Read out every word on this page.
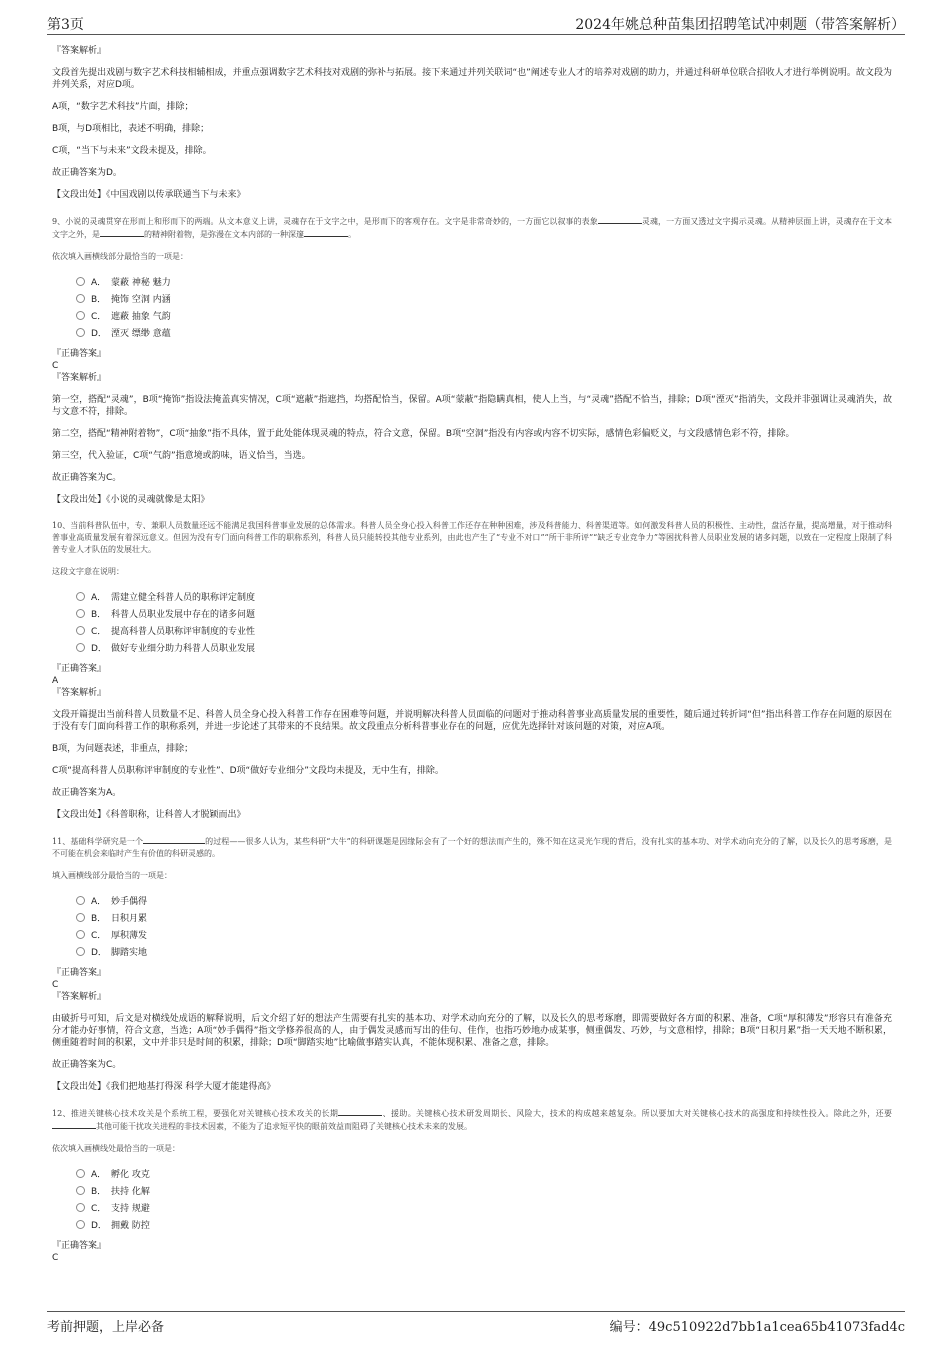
第3页	2024年姚总种苗集团招聘笔试冲刺题（带答案解析）
『答案解析』
文段首先提出戏剧与数字艺术科技相辅相成，并重点强调数字艺术科技对戏剧的弥补与拓展。接下来通过并列关联词“也”阐述专业人才的培养对戏剧的助力，并通过科研单位联合招收人才进行举例说明。故文段为并列关系，对应D项。
A项，“数字艺术科技”片面，排除；
B项，与D项相比，表述不明确，排除；
C项，“当下与未来”文段未提及，排除。
故正确答案为D。
【文段出处】《中国戏剧以传承联通当下与未来》
9、小说的灵魂贯穿在形而上和形而下的两端。从文本意义上讲，灵魂存在于文字之中，是形而下的客观存在。文字是非常奇妙的，一方面它以叙事的表象	灵魂，一方面又透过文字揭示灵魂。从精神层面上讲，灵魂存在于文本文字之外，是	的精神附着物，是弥漫在文本内部的一种深邃	。
依次填入画横线部分最恰当的一项是：
A． 蒙蔽 神秘 魅力
B． 掩饰 空洞 内涵
C． 遮蔽 抽象 气韵
D． 湮灭 缥缈 意蕴
『正确答案』
C
『答案解析』
第一空，搭配“灵魂”，B项“掩饰”指设法掩盖真实情况，C项“遮蔽”指遮挡，均搭配恰当，保留。A项“蒙蔽”指隐瞒真相，使人上当，与“灵魂”搭配不恰当，排除；D项“湮灭”指消失，文段并非强调让灵魂消失，故与文意不符，排除。
第二空，搭配“精神附着物”，C项“抽象”指不具体，置于此处能体现灵魂的特点，符合文意，保留。B项“空洞”指没有内容或内容不切实际，感情色彩偏贬义，与文段感情色彩不符，排除。
第三空，代入验证，C项“气韵”指意境或韵味，语义恰当，当选。
故正确答案为C。
【文段出处】《小说的灵魂就像是太阳》
10、当前科普队伍中，专、兼职人员数量还远不能满足我国科普事业发展的总体需求。科普人员全身心投入科普工作还存在种种困难，涉及科普能力、科普渠道等。如何激发科普人员的积极性、主动性，盘活存量，提高增量，对于推动科普事业高质量发展有着深远意义。但因为没有专门面向科普工作的职称系列，科普人员只能转投其他专业系列，由此也产生了“专业不对口”“所干非所评”“缺乏专业竞争力”等困扰科普人员职业发展的诸多问题，以致在一定程度上限制了科普专业人才队伍的发展壮大。
这段文字意在说明：
A． 需建立健全科普人员的职称评定制度
B． 科普人员职业发展中存在的诸多问题
C． 提高科普人员职称评审制度的专业性
D． 做好专业细分助力科普人员职业发展
『正确答案』
A
『答案解析』
文段开篇提出当前科普人员数量不足、科普人员全身心投入科普工作存在困难等问题，并说明解决科普人员面临的问题对于推动科普事业高质量发展的重要性，随后通过转折词“但”指出科普工作存在问题的原因在于没有专门面向科普工作的职称系列，并进一步论述了其带来的不良结果。故文段重点分析科普事业存在的问题，应优先选择针对该问题的对策，对应A项。
B项，为问题表述，非重点，排除；
C项“提高科普人员职称评审制度的专业性”、D项“做好专业细分”文段均未提及，无中生有，排除。
故正确答案为A。
【文段出处】《科普职称，让科普人才脱颖而出》
11、基础科学研究是一个	的过程——很多人认为，某些科研“大牛”的科研课题是因缘际会有了一个好的想法而产生的，殊不知在这灵光乍现的背后，没有扎实的基本功、对学术动向充分的了解，以及长久的思考琢磨，是不可能在机会来临时产生有价值的科研灵感的。
填入画横线部分最恰当的一项是：
A． 妙手偶得
B． 日积月累
C． 厚积薄发
D． 脚踏实地
『正确答案』
C
『答案解析』
由破折号可知，后文是对横线处成语的解释说明，后文介绍了好的想法产生需要有扎实的基本功、对学术动向充分的了解，以及长久的思考琢磨，即需要做好各方面的积累、准备，C项“厚积薄发”形容只有准备充分才能办好事情，符合文意，当选；A项“妙手偶得”指文学修养很高的人，由于偶发灵感而写出的佳句、佳作，也指巧妙地办成某事，侧重偶发、巧妙，与文意相悖，排除；B项“日积月累”指一天天地不断积累，侧重随着时间的积累，文中并非只是时间的积累，排除；D项“脚踏实地”比喻做事踏实认真，不能体现积累、准备之意，排除。
故正确答案为C。
【文段出处】《我们把地基打得深 科学大厦才能建得高》
12、推进关键核心技术攻关是个系统工程，要强化对关键核心技术攻关的长期	、援助。关键核心技术研发周期长、风险大，技术的构成越来越复杂。所以要加大对关键核心技术的高强度和持续性投入。除此之外，还要其他可能干扰攻关进程的非技术因素，不能为了追求短平快的眼前效益而阻碍了关键核心技术未来的发展。
依次填入画横线处最恰当的一项是：
A． 孵化 攻克
B． 扶持 化解
C． 支持 规避
D． 拥戴 防控
『正确答案』
C
考前押题，上岸必备	编号：49c510922d7bb1a1cea65b41073fad4c
